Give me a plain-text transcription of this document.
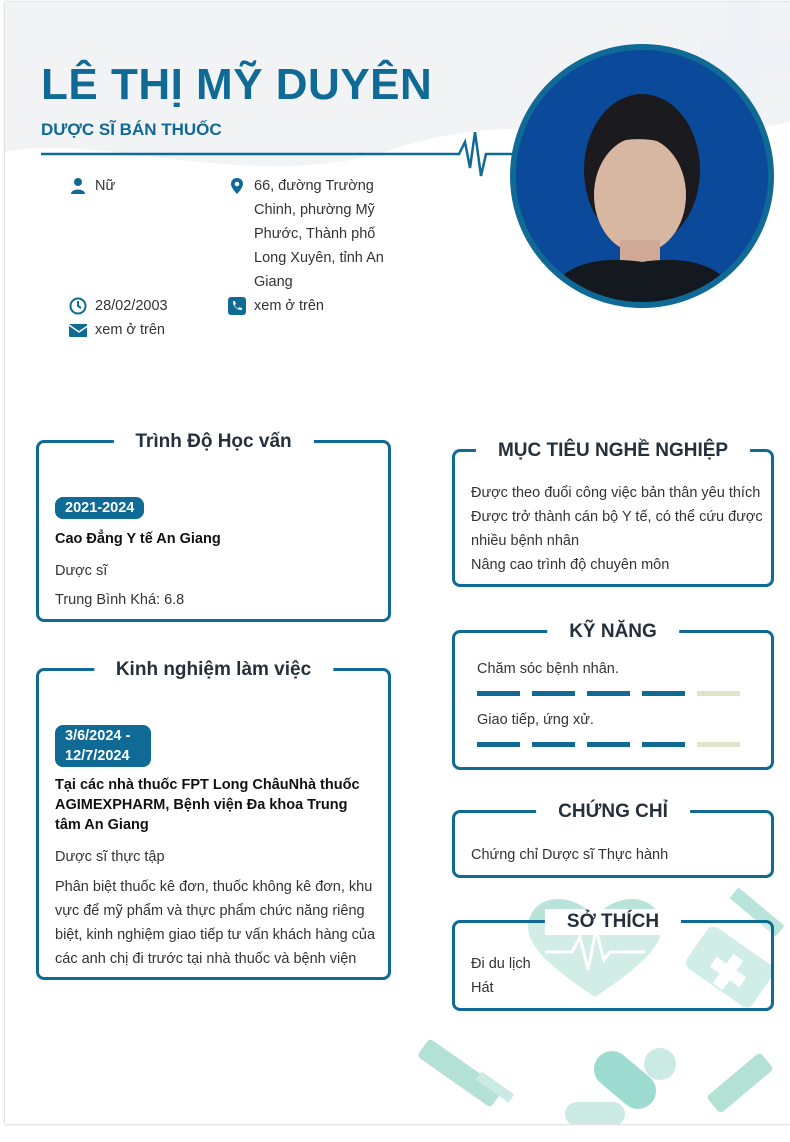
LÊ THỊ MỸ DUYÊN
DƯỢC SĨ BÁN THUỐC
Nữ	66, đường Trường Chinh, phường Mỹ Phước, Thành phố Long Xuyên, tỉnh An Giang
28/02/2003	xem ở trên
xem ở trên
Trình Độ Học vấn
2021-2024
Cao Đẳng Y tế An Giang
Dược sĩ
Trung Bình Khá: 6.8
Kinh nghiệm làm việc
3/6/2024 - 12/7/2024
Tại các nhà thuốc FPT Long ChâuNhà thuốc AGIMEXPHARM, Bệnh viện Đa khoa Trung tâm An Giang
Dược sĩ thực tập
Phân biệt thuốc kê đơn, thuốc không kê đơn, khu vực để mỹ phẩm và thực phẩm chức năng riêng biệt, kinh nghiệm giao tiếp tư vấn khách hàng của các anh chị đi trước tại nhà thuốc và bệnh viện
MỤC TIÊU NGHỀ NGHIỆP
Được theo đuổi công việc bản thân yêu thích
Được trở thành cán bộ Y tế, có thể cứu được nhiều bệnh nhân
Nâng cao trình độ chuyên môn
KỸ NĂNG
Chăm sóc bệnh nhân.
Giao tiếp, ứng xử.
CHỨNG CHỈ
Chứng chỉ Dược sĩ Thực hành
SỞ THÍCH
Đi du lịch
Hát
